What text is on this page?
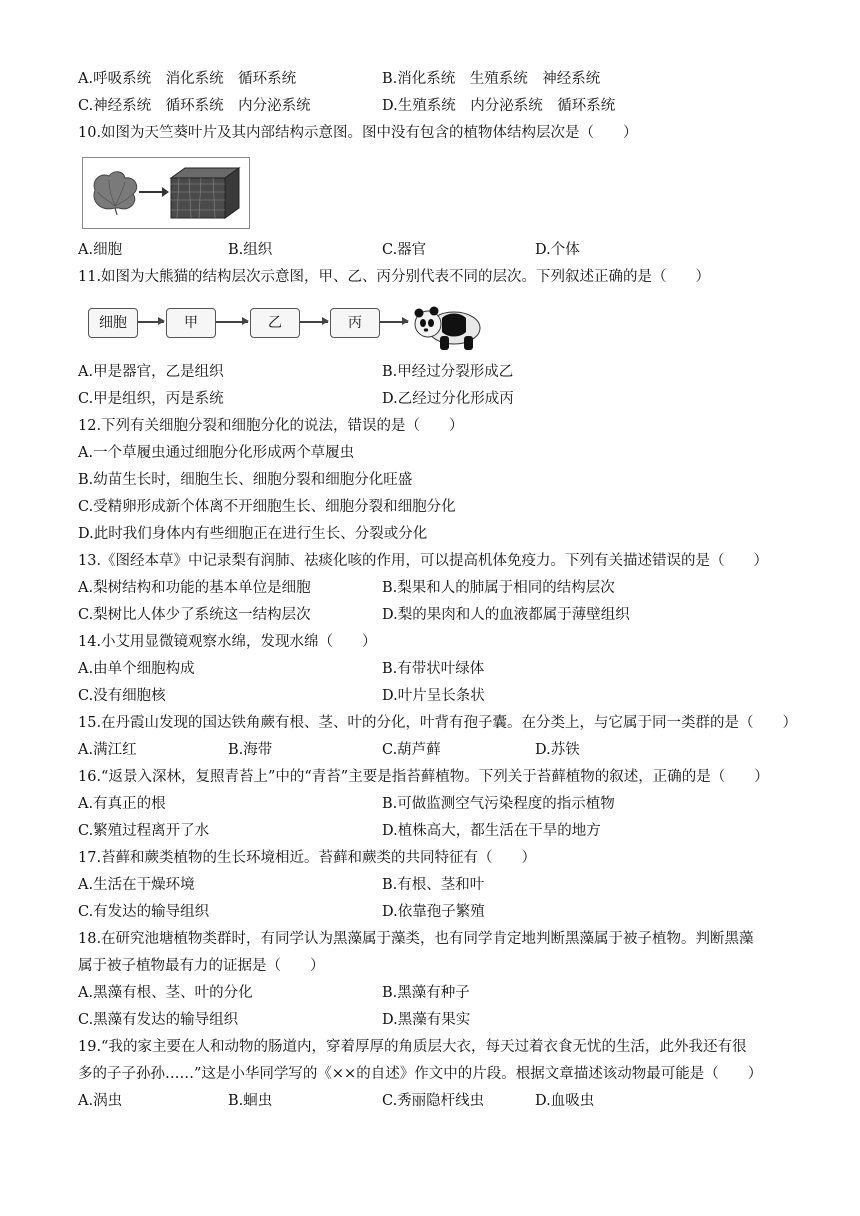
A.呼吸系统　消化系统　循环系统	B.消化系统　生殖系统　神经系统
C.神经系统　循环系统　内分泌系统	D.生殖系统　内分泌系统　循环系统
10.如图为天竺葵叶片及其内部结构示意图。图中没有包含的植物体结构层次是（　　）
A.细胞	B.组织	C.器官	D.个体
11.如图为大熊猫的结构层次示意图，甲、乙、丙分别代表不同的层次。下列叙述正确的是（　　）
细胞	甲	乙	丙
A.甲是器官，乙是组织	B.甲经过分裂形成乙
C.甲是组织，丙是系统	D.乙经过分化形成丙
12.下列有关细胞分裂和细胞分化的说法，错误的是（　　）
A.一个草履虫通过细胞分化形成两个草履虫
B.幼苗生长时，细胞生长、细胞分裂和细胞分化旺盛
C.受精卵形成新个体离不开细胞生长、细胞分裂和细胞分化
D.此时我们身体内有些细胞正在进行生长、分裂或分化
13.《图经本草》中记录梨有润肺、祛痰化咳的作用，可以提高机体免疫力。下列有关描述错误的是（　　）
A.梨树结构和功能的基本单位是细胞	B.梨果和人的肺属于相同的结构层次
C.梨树比人体少了系统这一结构层次	D.梨的果肉和人的血液都属于薄壁组织
14.小艾用显微镜观察水绵，发现水绵（　　）
A.由单个细胞构成	B.有带状叶绿体
C.没有细胞核	D.叶片呈长条状
15.在丹霞山发现的国达铁角蕨有根、茎、叶的分化，叶背有孢子囊。在分类上，与它属于同一类群的是（　　）
A.满江红	B.海带	C.葫芦藓	D.苏铁
16.“返景入深林，复照青苔上”中的“青苔”主要是指苔藓植物。下列关于苔藓植物的叙述，正确的是（　　）
A.有真正的根	B.可做监测空气污染程度的指示植物
C.繁殖过程离开了水	D.植株高大，都生活在干旱的地方
17.苔藓和蕨类植物的生长环境相近。苔藓和蕨类的共同特征有（　　）
A.生活在干燥环境	B.有根、茎和叶
C.有发达的输导组织	D.依靠孢子繁殖
18.在研究池塘植物类群时，有同学认为黑藻属于藻类，也有同学肯定地判断黑藻属于被子植物。判断黑藻
属于被子植物最有力的证据是（　　）
A.黑藻有根、茎、叶的分化	B.黑藻有种子
C.黑藻有发达的输导组织	D.黑藻有果实
19.“我的家主要在人和动物的肠道内，穿着厚厚的角质层大衣，每天过着衣食无忧的生活，此外我还有很
多的子子孙孙……”这是小华同学写的《××的自述》作文中的片段。根据文章描述该动物最可能是（　　）
A.涡虫	B.蛔虫	C.秀丽隐杆线虫	D.血吸虫
